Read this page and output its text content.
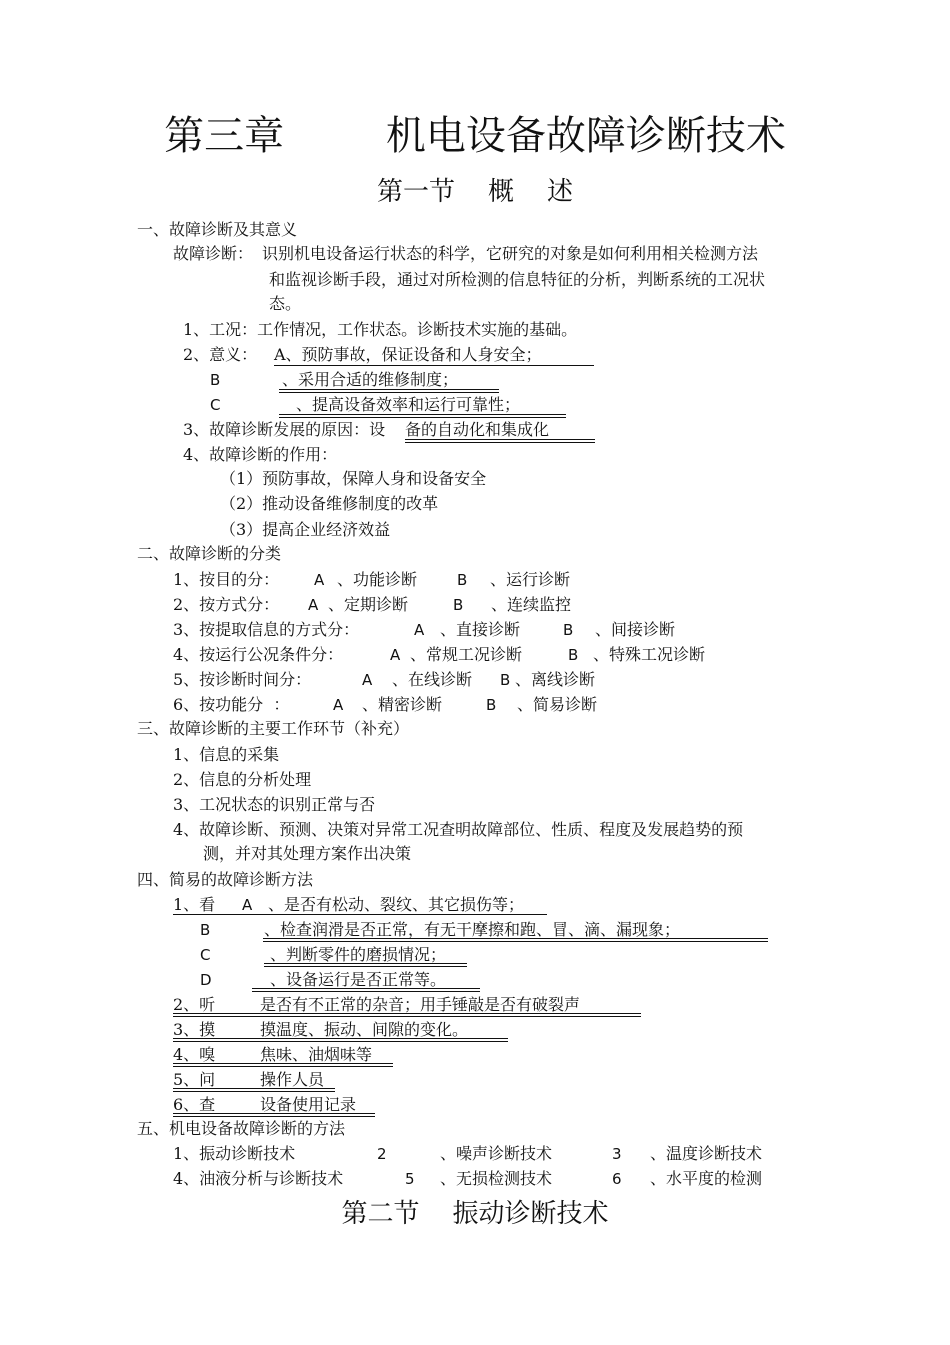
第三章        机电设备故障诊断技术
第一节    概    述
一、故障诊断及其意义
故障诊断： 识别机电设备运行状态的科学，它研究的对象是如何利用相关检测方法
和监视诊断手段，通过对所检测的信息特征的分析，判断系统的工况状
态。
1、工况：工作情况，工作状态。诊断技术实施的基础。
2、意义： A、预防事故，保证设备和人身安全；
B	、采用合适的维修制度；
C	、提高设备效率和运行可靠性；
3、故障诊断发展的原因：设 备的自动化和集成化
4、故障诊断的作用：
（1）预防事故，保障人身和设备安全
（2）推动设备维修制度的改革
（3）提高企业经济效益
二、故障诊断的分类
1、按目的分： A 、功能诊断	B 、运行诊断
2、按方式分： A 、定期诊断	B 、连续监控
3、按提取信息的方式分：	A 、直接诊断	B 、间接诊断
4、按运行公况条件分：	A 、常规工况诊断	B 、特殊工况诊断
5、按诊断时间分：	A 、在线诊断 B 、离线诊断
6、按功能分  ：	A 、精密诊断	B 、简易诊断
三、故障诊断的主要工作环节（补充）
1、信息的采集
2、信息的分析处理
3、工况状态的识别正常与否
4、故障诊断、预测、决策对异常工况查明故障部位、性质、程度及发展趋势的预
测，并对其处理方案作出决策
四、简易的故障诊断方法
1、看 A 、是否有松动、裂纹、其它损伤等；
B	、检查润滑是否正常，有无干摩擦和跑、冒、滴、漏现象；
C	、判断零件的磨损情况；
D	、设备运行是否正常等。
2、听	是否有不正常的杂音；用手锤敲是否有破裂声
3、摸	摸温度、振动、间隙的变化。
4、嗅	焦味、油烟味等
5、问	操作人员
6、查	设备使用记录
五、机电设备故障诊断的方法
1、振动诊断技术	2	、噪声诊断技术	3 、温度诊断技术
4、油液分析与诊断技术	5 、无损检测技术	6 、水平度的检测
第二节    振动诊断技术
